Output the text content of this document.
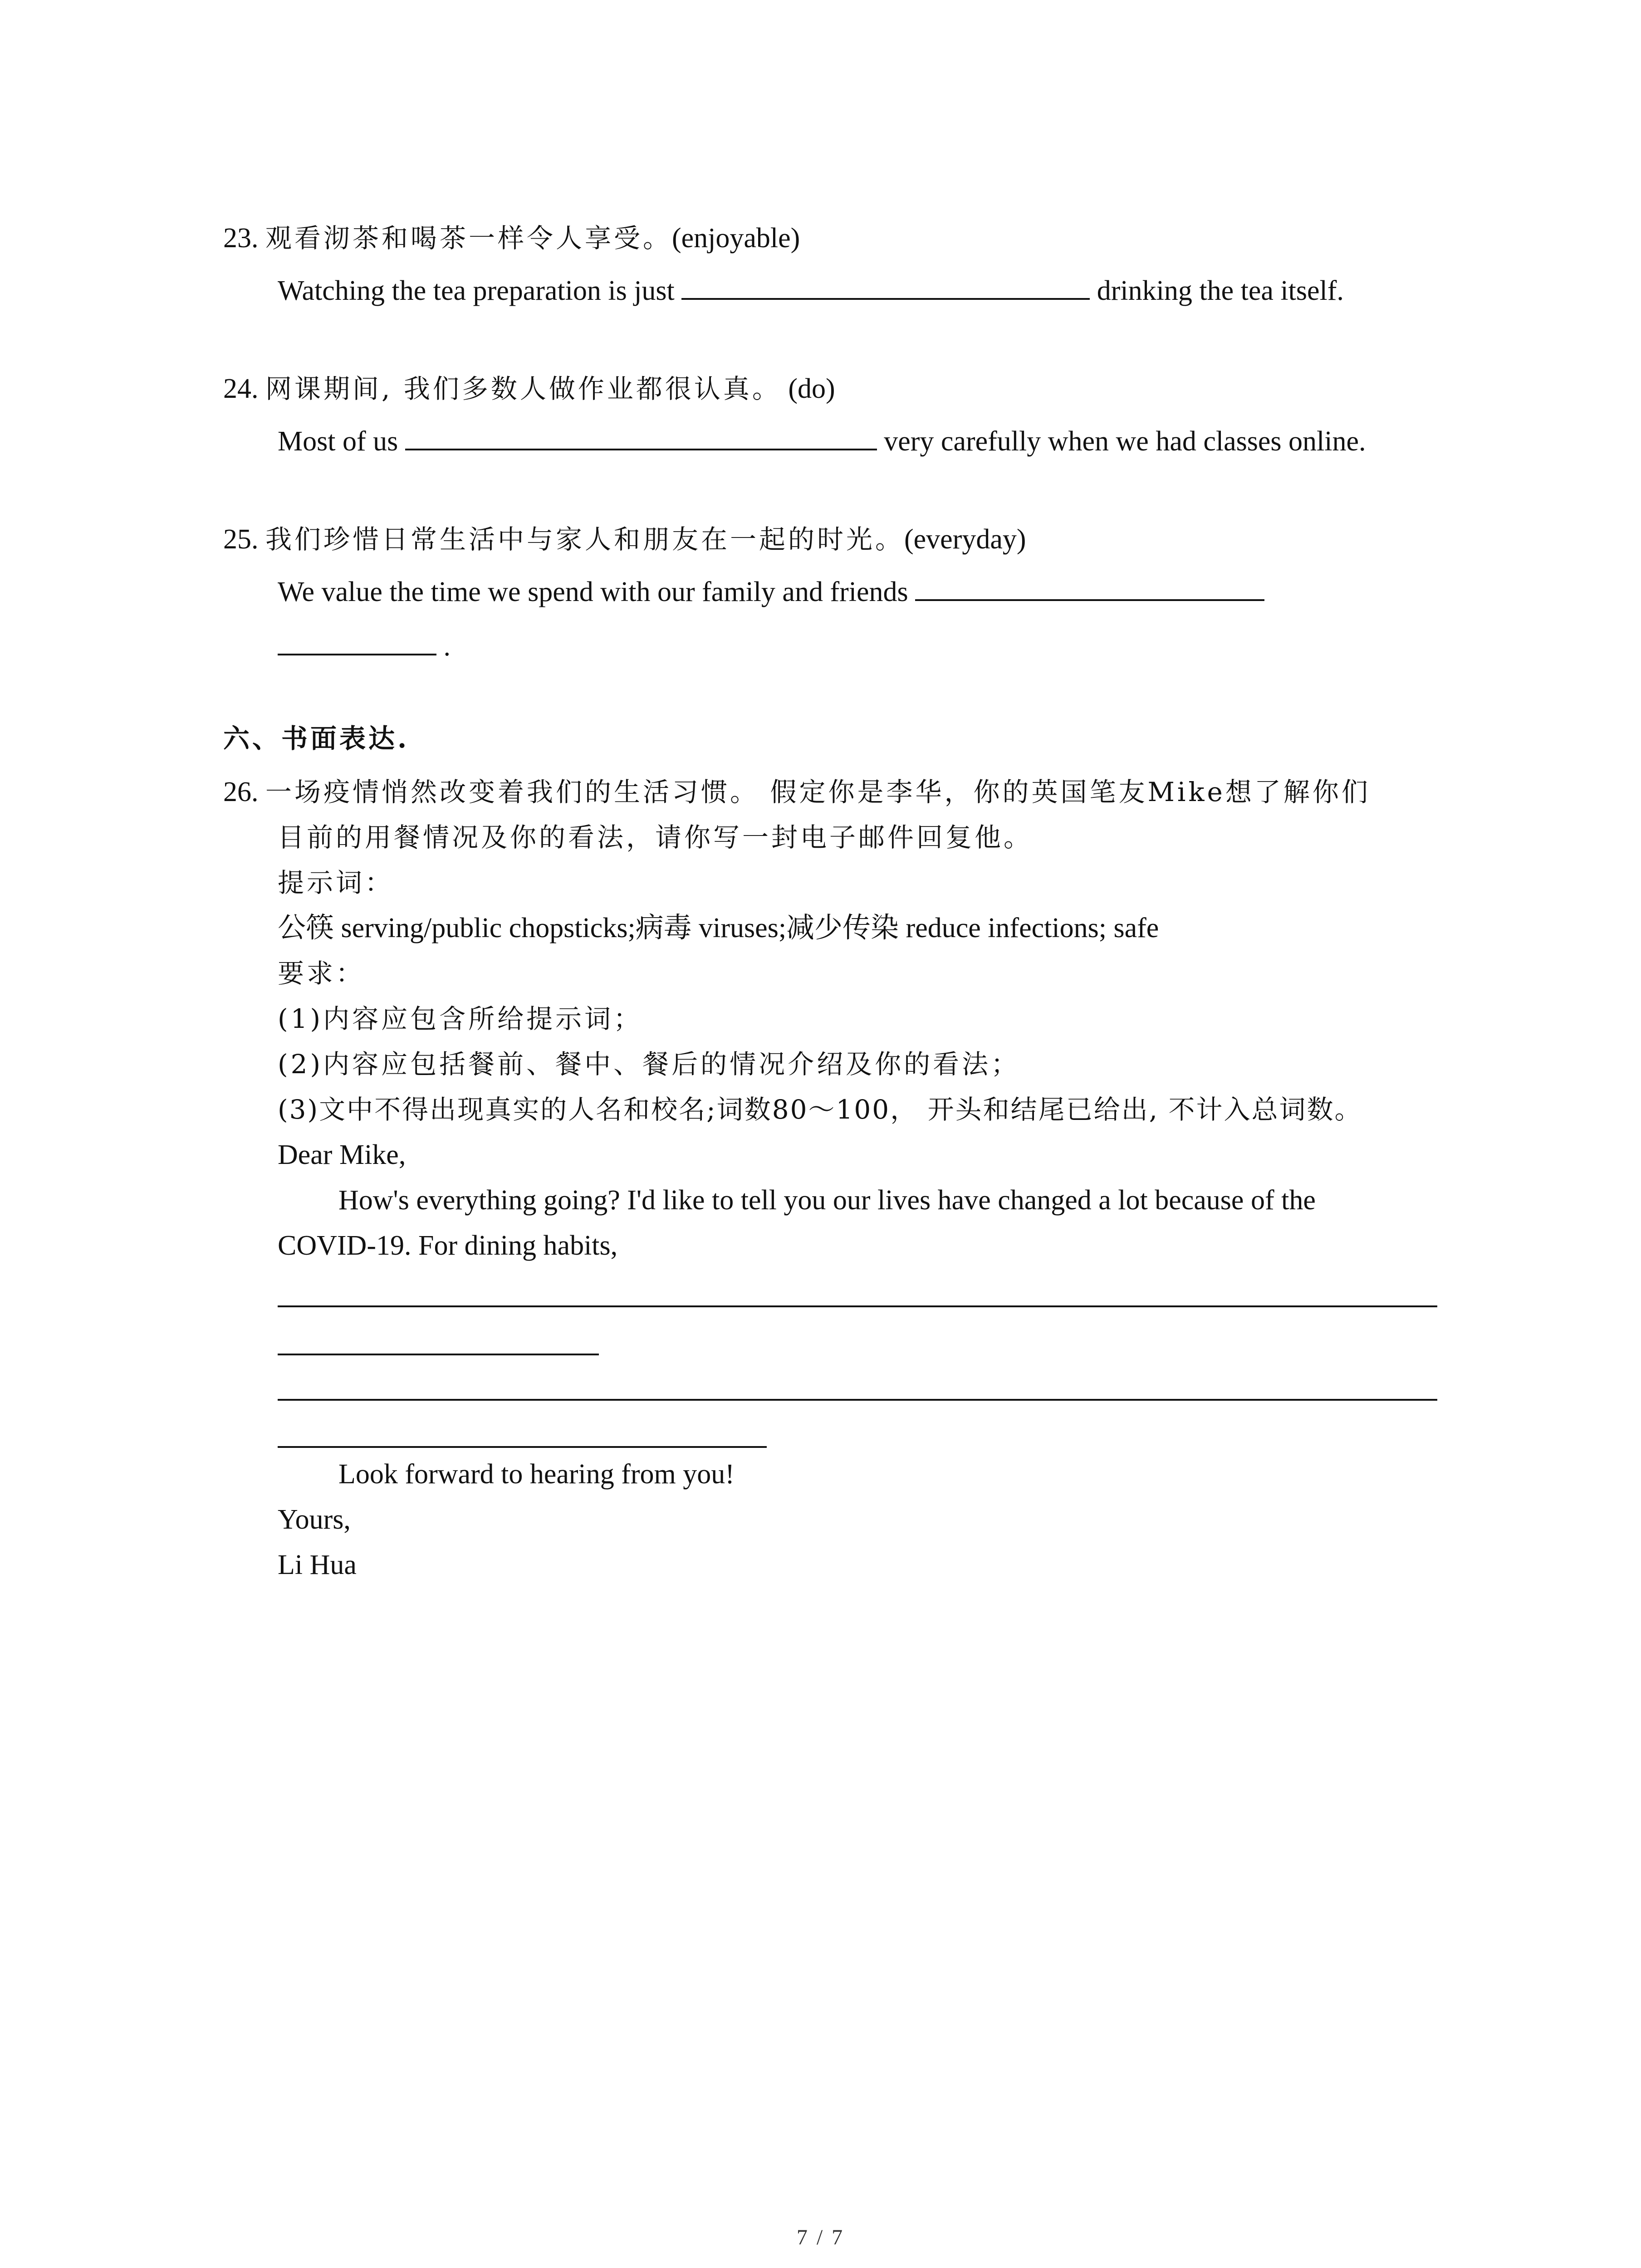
23. 观看沏茶和喝茶一样令人享受。(enjoyable)
Watching the tea preparation is just	drinking the tea itself.
24. 网课期间, 我们多数人做作业都很认真。 (do)
Most of us	very carefully when we had classes online.
25. 我们珍惜日常生活中与家人和朋友在一起的时光。(everyday)
We value the time we spend with our family and friends
.
六、书面表达.
26. 一场疫情悄然改变着我们的生活习惯。 假定你是李华，你的英国笔友Mike想了解你们
目前的用餐情况及你的看法，请你写一封电子邮件回复他。
提示词：
公筷 serving/public chopsticks;病毒 viruses;减少传染 reduce infections; safe
要求：
(1)内容应包含所给提示词；
(2)内容应包括餐前、餐中、餐后的情况介绍及你的看法；
(3)文中不得出现真实的人名和校名;词数80～100， 开头和结尾已给出, 不计入总词数。
Dear Mike,
How's everything going? I'd like to tell you our lives have changed a lot because of the
COVID-19. For dining habits,
Look forward to hearing from you!
Yours,
Li Hua
7 / 7
